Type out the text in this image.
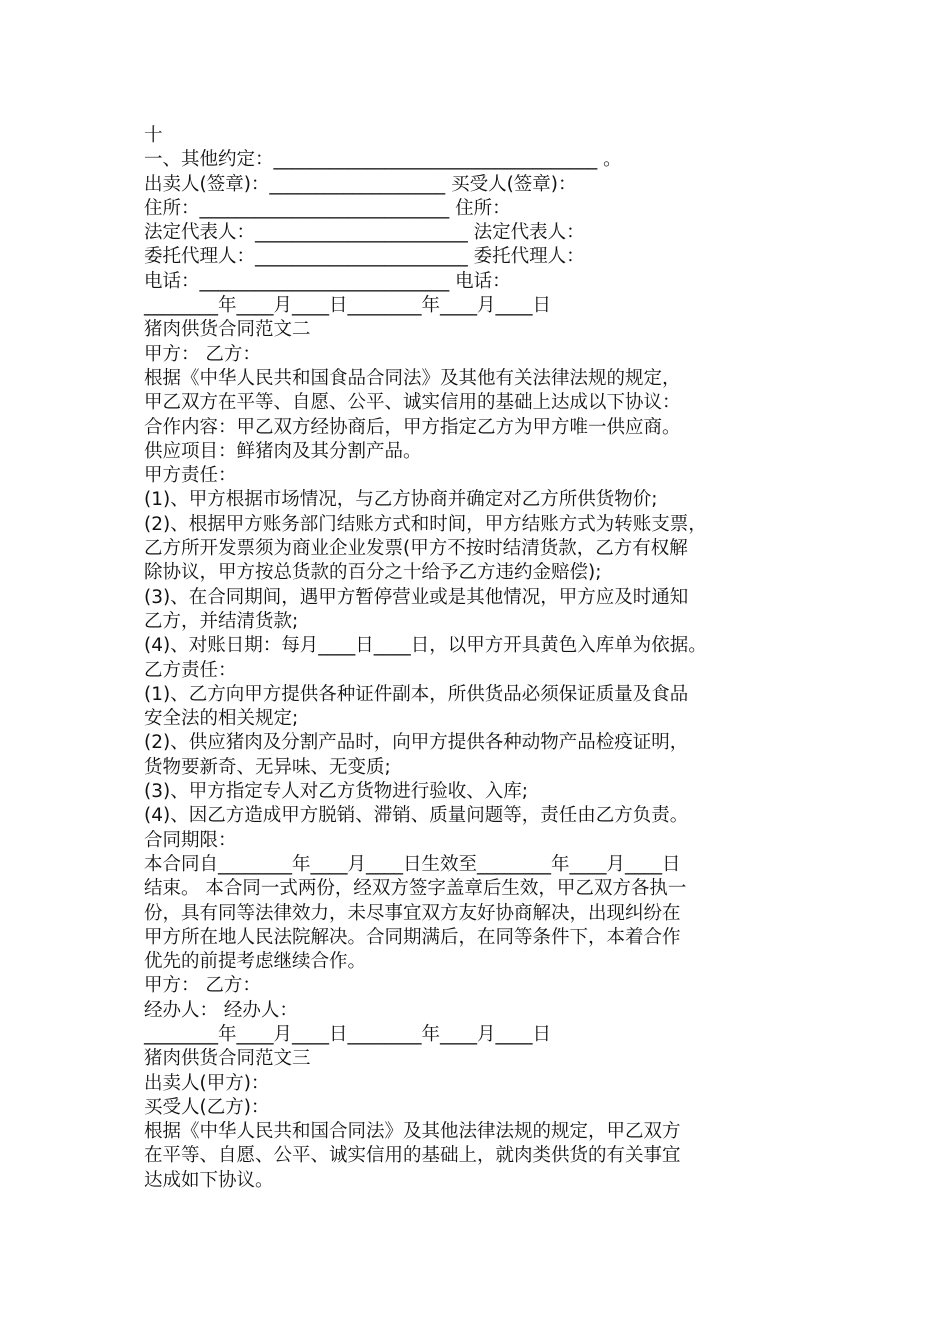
十
一、其他约定：___________________________________ 。
出卖人(签章)：___________________ 买受人(签章)：
住所：___________________________ 住所：
法定代表人：_______________________ 法定代表人：
委托代理人：_______________________ 委托代理人：
电话：___________________________ 电话：
________年____月____日________年____月____日
猪肉供货合同范文二
甲方： 乙方：
根据《中华人民共和国食品合同法》及其他有关法律法规的规定，
甲乙双方在平等、自愿、公平、诚实信用的基础上达成以下协议：
合作内容：甲乙双方经协商后，甲方指定乙方为甲方唯一供应商。
供应项目：鲜猪肉及其分割产品。
甲方责任：
(1)、甲方根据市场情况，与乙方协商并确定对乙方所供货物价;
(2)、根据甲方账务部门结账方式和时间，甲方结账方式为转账支票，
乙方所开发票须为商业企业发票(甲方不按时结清货款，乙方有权解
除协议，甲方按总货款的百分之十给予乙方违约金赔偿);
(3)、在合同期间，遇甲方暂停营业或是其他情况，甲方应及时通知
乙方，并结清货款;
(4)、对账日期：每月____日____日，以甲方开具黄色入库单为依据。
乙方责任：
(1)、乙方向甲方提供各种证件副本，所供货品必须保证质量及食品
安全法的相关规定;
(2)、供应猪肉及分割产品时，向甲方提供各种动物产品检疫证明，
货物要新奇、无异味、无变质;
(3)、甲方指定专人对乙方货物进行验收、入库;
(4)、因乙方造成甲方脱销、滞销、质量问题等，责任由乙方负责。
合同期限：
本合同自________年____月____日生效至________年____月____日
结束。 本合同一式两份，经双方签字盖章后生效，甲乙双方各执一
份，具有同等法律效力，未尽事宜双方友好协商解决，出现纠纷在
甲方所在地人民法院解决。合同期满后，在同等条件下，本着合作
优先的前提考虑继续合作。
甲方： 乙方：
经办人： 经办人：
________年____月____日________年____月____日
猪肉供货合同范文三
出卖人(甲方)：
买受人(乙方)：
根据《中华人民共和国合同法》及其他法律法规的规定，甲乙双方
在平等、自愿、公平、诚实信用的基础上，就肉类供货的有关事宜
达成如下协议。
